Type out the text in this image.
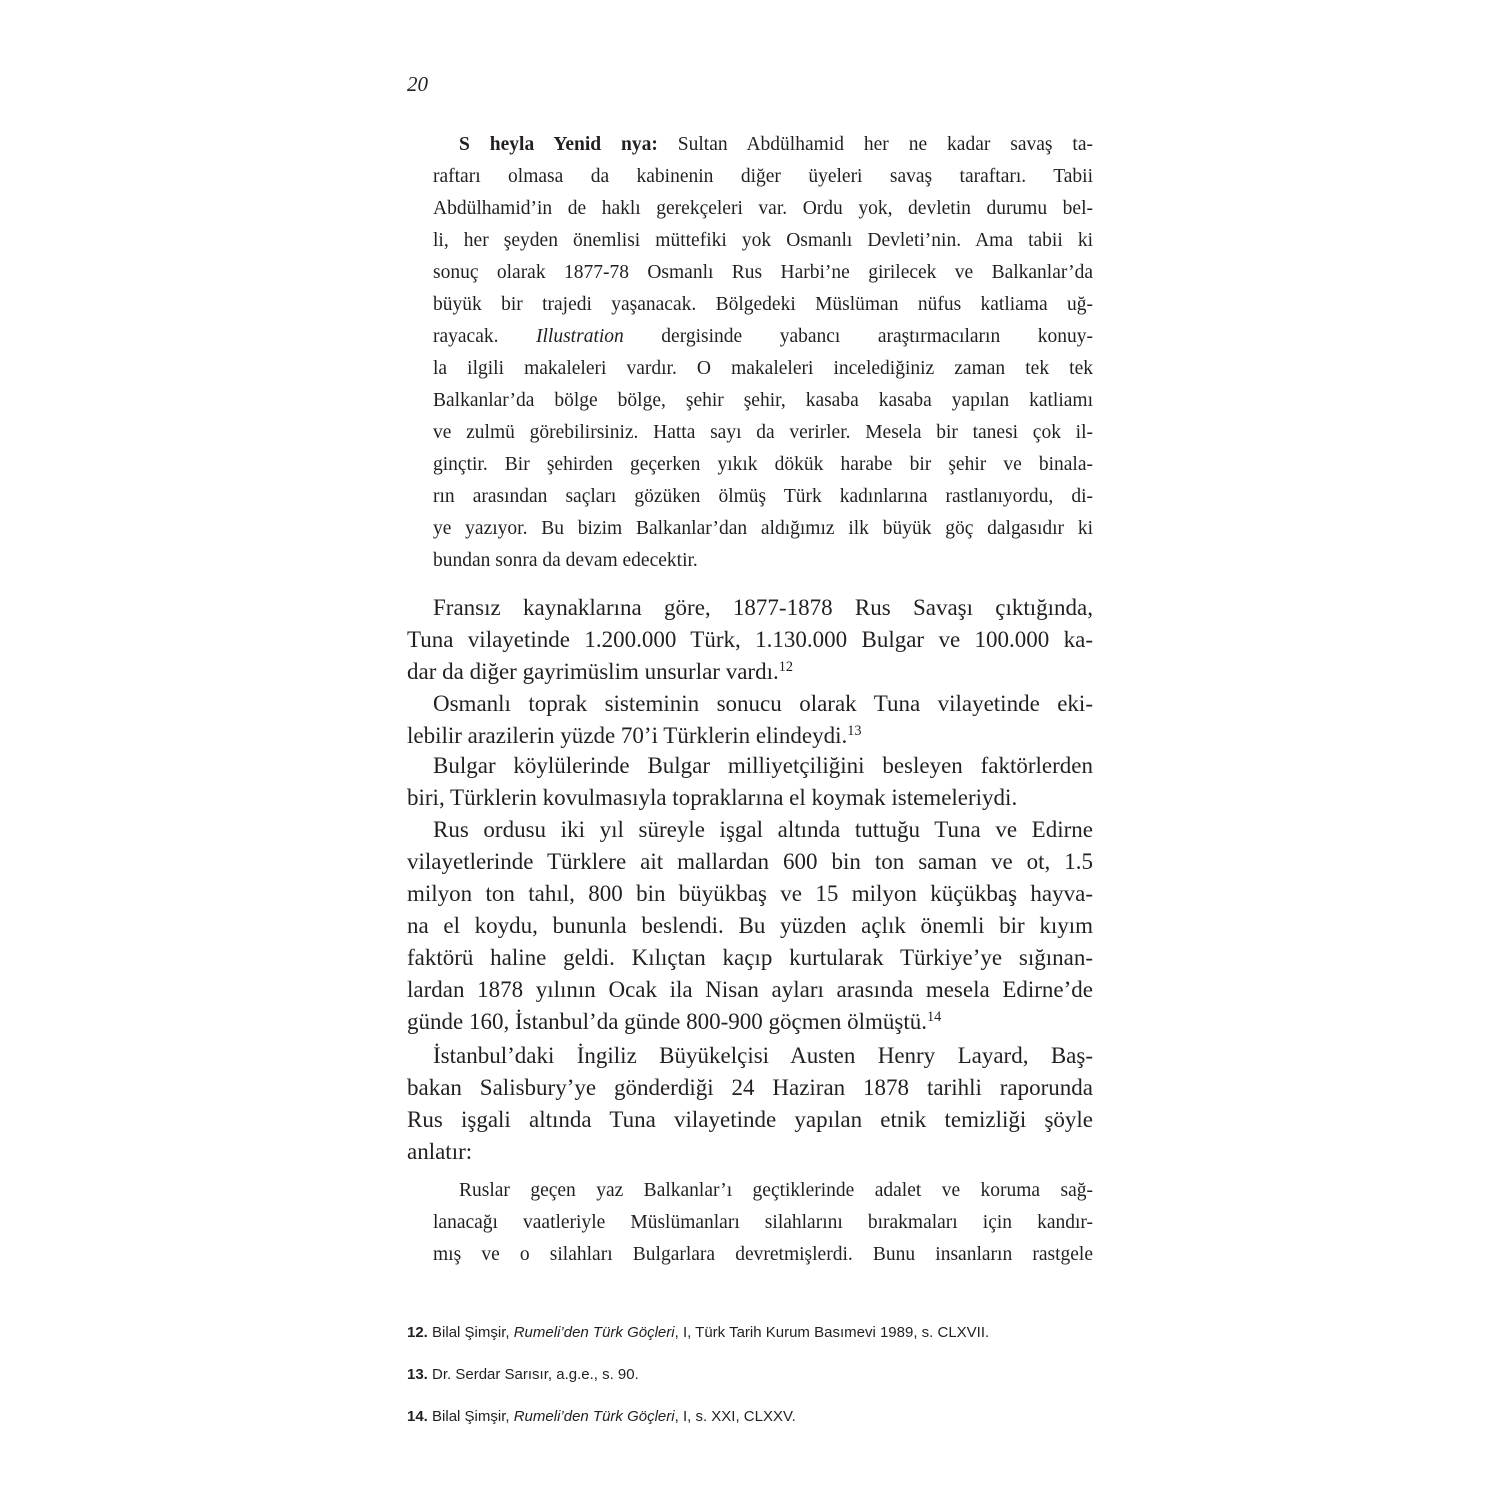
20
S heyla Yenid nya: Sultan Abdülhamid her ne kadar savaş ta-
raftarı olmasa da kabinenin diğer üyeleri savaş taraftarı. Tabii
Abdülhamid’in de haklı gerekçeleri var. Ordu yok, devletin durumu bel-
li, her şeyden önemlisi müttefiki yok Osmanlı Devleti’nin. Ama tabii ki
sonuç olarak 1877-78 Osmanlı Rus Harbi’ne girilecek ve Balkanlar’da
büyük bir trajedi yaşanacak. Bölgedeki Müslüman nüfus katliama uğ-
rayacak. Illustration dergisinde yabancı araştırmacıların konuy-
la ilgili makaleleri vardır. O makaleleri incelediğiniz zaman tek tek
Balkanlar’da bölge bölge, şehir şehir, kasaba kasaba yapılan katliamı
ve zulmü görebilirsiniz. Hatta sayı da verirler. Mesela bir tanesi çok il-
ginçtir. Bir şehirden geçerken yıkık dökük harabe bir şehir ve binala-
rın arasından saçları gözüken ölmüş Türk kadınlarına rastlanıyordu, di-
ye yazıyor. Bu bizim Balkanlar’dan aldığımız ilk büyük göç dalgasıdır ki
bundan sonra da devam edecektir.
Fransız kaynaklarına göre, 1877-1878 Rus Savaşı çıktığında,
Tuna vilayetinde 1.200.000 Türk, 1.130.000 Bulgar ve 100.000 ka-
dar da diğer gayrimüslim unsurlar vardı.$^{12}$
Osmanlı toprak sisteminin sonucu olarak Tuna vilayetinde eki-
lebilir arazilerin yüzde 70’i Türklerin elindeydi.$^{13}$
Bulgar köylülerinde Bulgar milliyetçiliğini besleyen faktörlerden
biri, Türklerin kovulmasıyla topraklarına el koymak istemeleriydi.
Rus ordusu iki yıl süreyle işgal altında tuttuğu Tuna ve Edirne
vilayetlerinde Türklere ait mallardan 600 bin ton saman ve ot, 1.5
milyon ton tahıl, 800 bin büyükbaş ve 15 milyon küçükbaş hayva-
na el koydu, bununla beslendi. Bu yüzden açlık önemli bir kıyım
faktörü haline geldi. Kılıçtan kaçıp kurtularak Türkiye’ye sığınan-
lardan 1878 yılının Ocak ila Nisan ayları arasında mesela Edirne’de
günde 160, İstanbul’da günde 800-900 göçmen ölmüştü.$^{14}$
İstanbul’daki İngiliz Büyükelçisi Austen Henry Layard, Baş-
bakan Salisbury’ye gönderdiği 24 Haziran 1878 tarihli raporunda
Rus işgali altında Tuna vilayetinde yapılan etnik temizliği şöyle
anlatır:
Ruslar geçen yaz Balkanlar’ı geçtiklerinde adalet ve koruma sağ-
lanacağı vaatleriyle Müslümanları silahlarını bırakmaları için kandır-
mış ve o silahları Bulgarlara devretmişlerdi. Bunu insanların rastgele
12. Bilal Şimşir, Rumeli’den Türk Göçleri, I, Türk Tarih Kurum Basımevi 1989, s. CLXVII.
13. Dr. Serdar Sarısır, a.g.e., s. 90.
14. Bilal Şimşir, Rumeli’den Türk Göçleri, I, s. XXI, CLXXV.
